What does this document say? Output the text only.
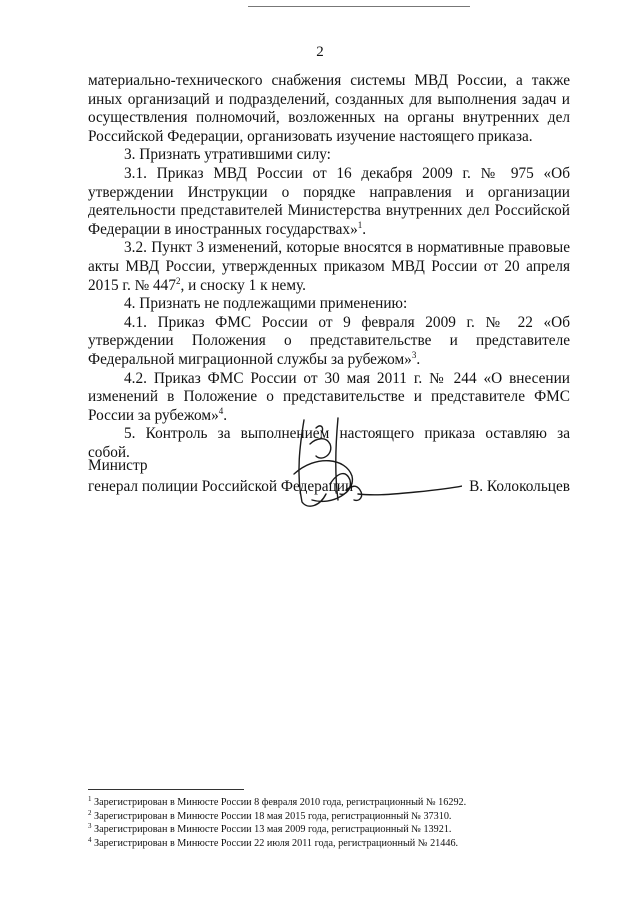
2

материально-технического снабжения системы МВД России, а также иных организаций и подразделений, созданных для выполнения задач и осуществления полномочий, возложенных на органы внутренних дел Российской Федерации, организовать изучение настоящего приказа.

3. Признать утратившими силу:

3.1. Приказ МВД России от 16 декабря 2009 г. № 975 «Об утверждении Инструкции о порядке направления и организации деятельности представителей Министерства внутренних дел Российской Федерации в иностранных государствах»$^1$.

3.2. Пункт 3 изменений, которые вносятся в нормативные правовые акты МВД России, утвержденных приказом МВД России от 20 апреля 2015 г. № $447^2$, и сноску 1 к нему.

4. Признать не подлежащими применению:

4.1. Приказ ФМС России от 9 февраля 2009 г. № 22 «Об утверждении Положения о представительстве и представителе Федеральной миграционной службы за рубежом»$^3$.

4.2. Приказ ФМС России от 30 мая 2011 г. № 244 «О внесении изменений в Положение о представительстве и представителе ФМС России за рубежом»$^4$.

5. Контроль за выполнением настоящего приказа оставляю за собой.

Министр
генерал полиции Российской Федерации	В. Колокольцев
$^1$ Зарегистрирован в Минюсте России 8 февраля 2010 года, регистрационный № 16292.
$^2$ Зарегистрирован в Минюсте России 18 мая 2015 года, регистрационный № 37310.
$^3$ Зарегистрирован в Минюсте России 13 мая 2009 года, регистрационный № 13921.
$^4$ Зарегистрирован в Минюсте России 22 июля 2011 года, регистрационный № 21446.
